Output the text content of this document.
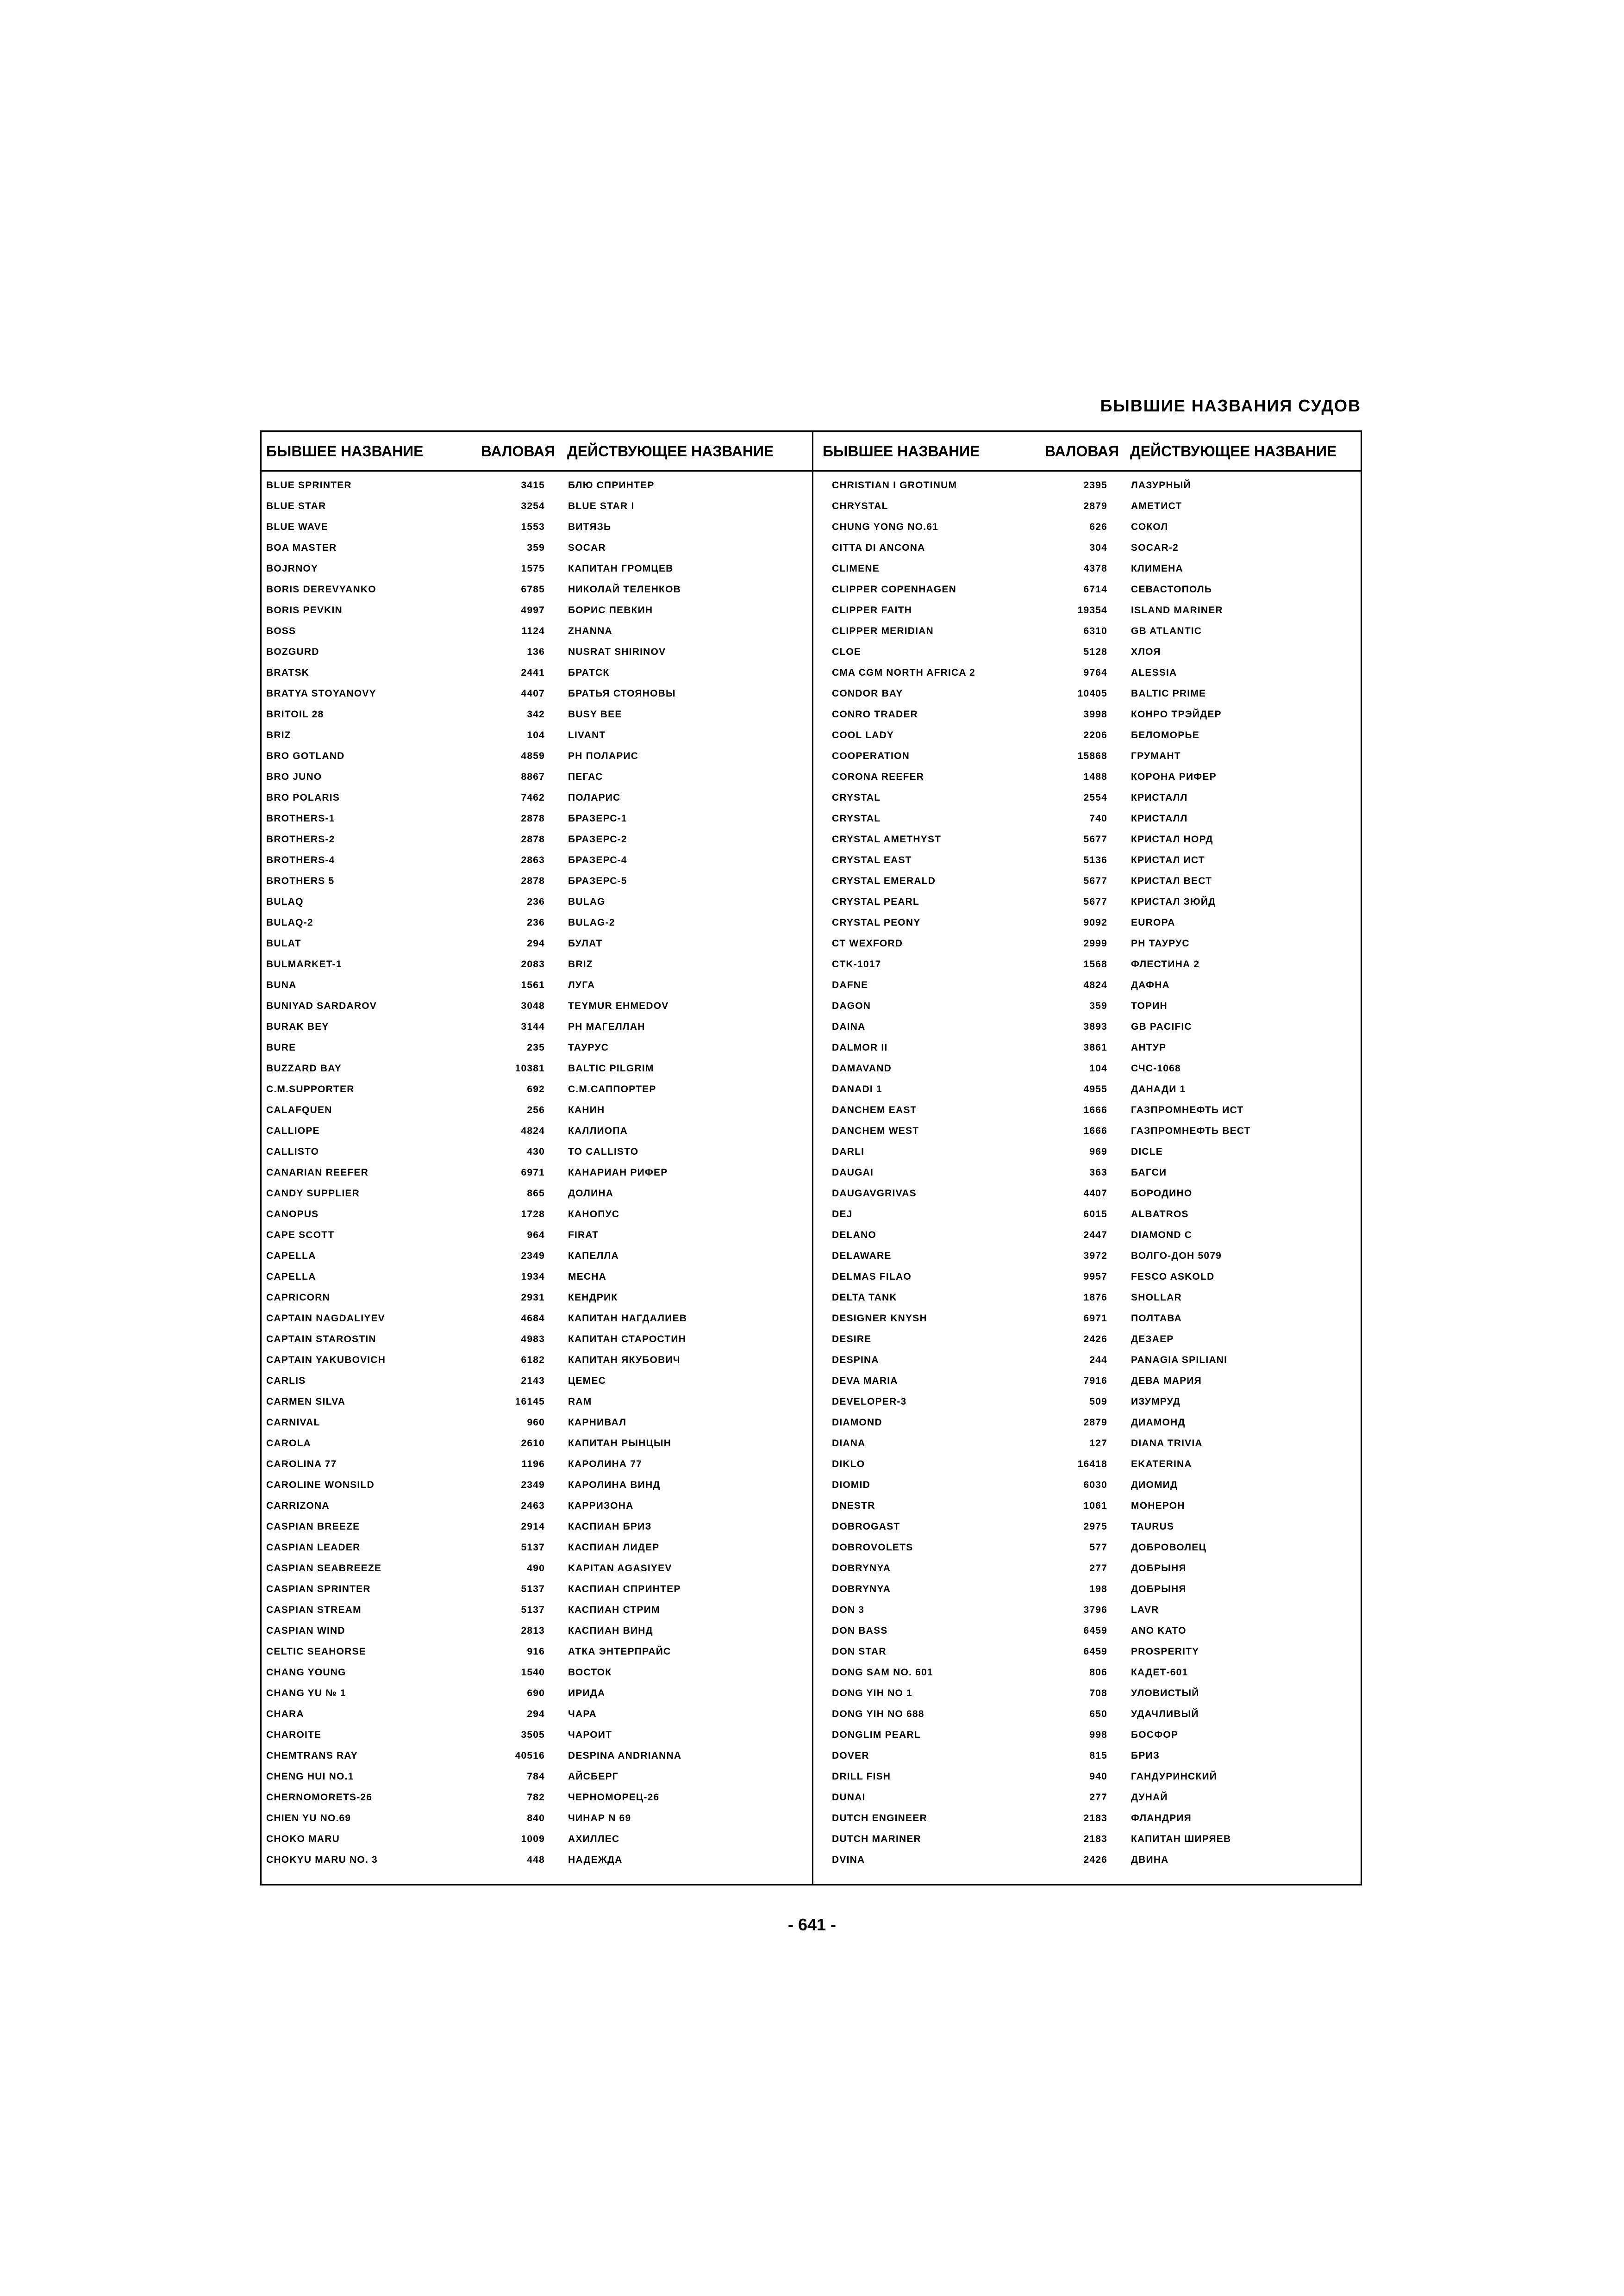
БЫВШИЕ НАЗВАНИЯ СУДОВ
БЫВШЕЕ НАЗВАНИЕ	ВАЛОВАЯ ДЕЙСТВУЮЩЕЕ НАЗВАНИЕ
BLUE SPRINTER	3415 БЛЮ СПРИНТЕР
BLUE STAR	3254 BLUE STAR I
BLUE WAVE	1553 ВИТЯЗЬ
BOA MASTER	359 SOCAR
BOJRNOY	1575 КАПИТАН ГРОМЦЕВ
BORIS DEREVYANKO	6785 НИКОЛАЙ ТЕЛЕНКОВ
BORIS PEVKIN	4997 БОРИС ПЕВКИН
BOSS	1124 ZHANNA
BOZGURD	136 NUSRAT SHIRINOV
BRATSK	2441 БРАТСК
BRATYA STOYANOVY	4407 БРАТЬЯ СТОЯНОВЫ
BRITOIL 28	342 BUSY BEE
BRIZ	104 LIVANT
BRO GOTLAND	4859 РН ПОЛАРИС
BRO JUNO	8867 ПЕГАС
BRO POLARIS	7462 ПОЛАРИС
BROTHERS-1	2878 БРАЗЕРС-1
BROTHERS-2	2878 БРАЗЕРС-2
BROTHERS-4	2863 БРАЗЕРС-4
BROTHERS 5	2878 БРАЗЕРС-5
BULAQ	236 BULAG
BULAQ-2	236 BULAG-2
BULAT	294 БУЛАТ
BULMARKET-1	2083 BRIZ
BUNA	1561 ЛУГА
BUNIYAD SARDAROV	3048 TEYMUR EHMEDOV
BURAK BEY	3144 РН МАГЕЛЛАН
BURE	235 ТАУРУС
BUZZARD BAY	10381 BALTIC PILGRIM
C.M.SUPPORTER	692 С.М.САППОРТЕР
CALAFQUEN	256 КАНИН
CALLIOPE	4824 КАЛЛИОПА
CALLISTO	430 TO CALLISTO
CANARIAN REEFER	6971 КАНАРИАН РИФЕР
CANDY SUPPLIER	865 ДОЛИНА
CANOPUS	1728 КАНОПУС
CAPE SCOTT	964 FIRAT
CAPELLA	2349 КАПЕЛЛА
CAPELLA	1934 МЕСНА
CAPRICORN	2931 КЕНДРИК
CAPTAIN NAGDALIYEV	4684 КАПИТАН НАГДАЛИЕВ
CAPTAIN STAROSTIN	4983 КАПИТАН СТАРОСТИН
CAPTAIN YAKUBOVICH	6182 КАПИТАН ЯКУБОВИЧ
CARLIS	2143 ЦЕМЕС
CARMEN SILVA	16145 RAM
CARNIVAL	960 КАРНИВАЛ
CAROLA	2610 КАПИТАН РЫНЦЫН
CAROLINA 77	1196 КАРОЛИНА 77
CAROLINE WONSILD	2349 КАРОЛИНА ВИНД
CARRIZONA	2463 КАРРИЗОНА
CASPIAN BREEZE	2914 КАСПИАН БРИЗ
CASPIAN LEADER	5137 КАСПИАН ЛИДЕР
CASPIAN SEABREEZE	490 KAPITAN AGASIYEV
CASPIAN SPRINTER	5137 КАСПИАН СПРИНТЕР
CASPIAN STREAM	5137 КАСПИАН СТРИМ
CASPIAN WIND	2813 КАСПИАН ВИНД
CELTIC SEAHORSE	916 АТКА ЭНТЕРПРАЙС
CHANG YOUNG	1540 ВОСТОК
CHANG YU № 1	690 ИРИДА
CHARA	294 ЧАРА
CHAROITE	3505 ЧАРОИТ
CHEMTRANS RAY	40516 DESPINA ANDRIANNA
CHENG HUI NO.1	784 АЙСБЕРГ
CHERNOMORETS-26	782 ЧЕРНОМОРЕЦ-26
CHIEN YU NO.69	840 ЧИНАР N 69
CHOKO MARU	1009 АХИЛЛЕС
CHOKYU MARU NO. 3	448 НАДЕЖДА
БЫВШЕЕ НАЗВАНИЕ	ВАЛОВАЯ ДЕЙСТВУЮЩЕЕ НАЗВАНИЕ
CHRISTIAN I GROTINUM	2395 ЛАЗУРНЫЙ
CHRYSTAL	2879 АМЕТИСТ
CHUNG YONG NO.61	626 СОКОЛ
CITTA DI ANCONA	304 SOCAR-2
CLIMENE	4378 КЛИМЕНА
CLIPPER COPENHAGEN	6714 СЕВАСТОПОЛЬ
CLIPPER FAITH	19354 ISLAND MARINER
CLIPPER MERIDIAN	6310 GB ATLANTIC
CLOE	5128 ХЛОЯ
CMA CGM NORTH AFRICA 2	9764 ALESSIA
CONDOR BAY	10405 BALTIC PRIME
CONRO TRADER	3998 КОНРО ТРЭЙДЕР
COOL LADY	2206 БЕЛОМОРЬЕ
COOPERATION	15868 ГРУМАНТ
CORONA REEFER	1488 КОРОНА РИФЕР
CRYSTAL	2554 КРИСТАЛЛ
CRYSTAL	740 КРИСТАЛЛ
CRYSTAL AMETHYST	5677 КРИСТАЛ НОРД
CRYSTAL EAST	5136 КРИСТАЛ ИСТ
CRYSTAL EMERALD	5677 КРИСТАЛ ВЕСТ
CRYSTAL PEARL	5677 КРИСТАЛ ЗЮЙД
CRYSTAL PEONY	9092 EUROPA
CT WEXFORD	2999 РН ТАУРУС
CTK-1017	1568 ФЛЕСТИНА 2
DAFNE	4824 ДАФНА
DAGON	359 ТОРИН
DAINA	3893 GB PACIFIC
DALMOR II	3861 АНТУР
DAMAVAND	104 СЧС-1068
DANADI 1	4955 ДАНАДИ 1
DANCHEM EAST	1666 ГАЗПРОМНЕФТЬ ИСТ
DANCHEM WEST	1666 ГАЗПРОМНЕФТЬ ВЕСТ
DARLI	969 DICLE
DAUGAI	363 БАГСИ
DAUGAVGRIVAS	4407 БОРОДИНО
DEJ	6015 ALBATROS
DELANO	2447 DIAMOND C
DELAWARE	3972 ВОЛГО-ДОН 5079
DELMAS FILAO	9957 FESCO ASKOLD
DELTA TANK	1876 SHOLLAR
DESIGNER KNYSH	6971 ПОЛТАВА
DESIRE	2426 ДЕЗАЕР
DESPINA	244 PANAGIA SPILIANI
DEVA MARIA	7916 ДЕВА МАРИЯ
DEVELOPER-3	509 ИЗУМРУД
DIAMOND	2879 ДИАМОНД
DIANA	127 DIANA TRIVIA
DIKLO	16418 EKATERINA
DIOMID	6030 ДИОМИД
DNESTR	1061 МОНЕРОН
DOBROGAST	2975 TAURUS
DOBROVOLETS	577 ДОБРОВОЛЕЦ
DOBRYNYA	277 ДОБРЫНЯ
DOBRYNYA	198 ДОБРЫНЯ
DON 3	3796 LAVR
DON BASS	6459 ANO KATO
DON STAR	6459 PROSPERITY
DONG SAM NO. 601	806 КАДЕТ-601
DONG YIH NO 1	708 УЛОВИСТЫЙ
DONG YIH NO 688	650 УДАЧЛИВЫЙ
DONGLIM PEARL	998 БОСФОР
DOVER	815 БРИЗ
DRILL FISH	940 ГАНДУРИНСКИЙ
DUNAI	277 ДУНАЙ
DUTCH ENGINEER	2183 ФЛАНДРИЯ
DUTCH MARINER	2183 КАПИТАН ШИРЯЕВ
DVINA	2426 ДВИНА
- 641 -
